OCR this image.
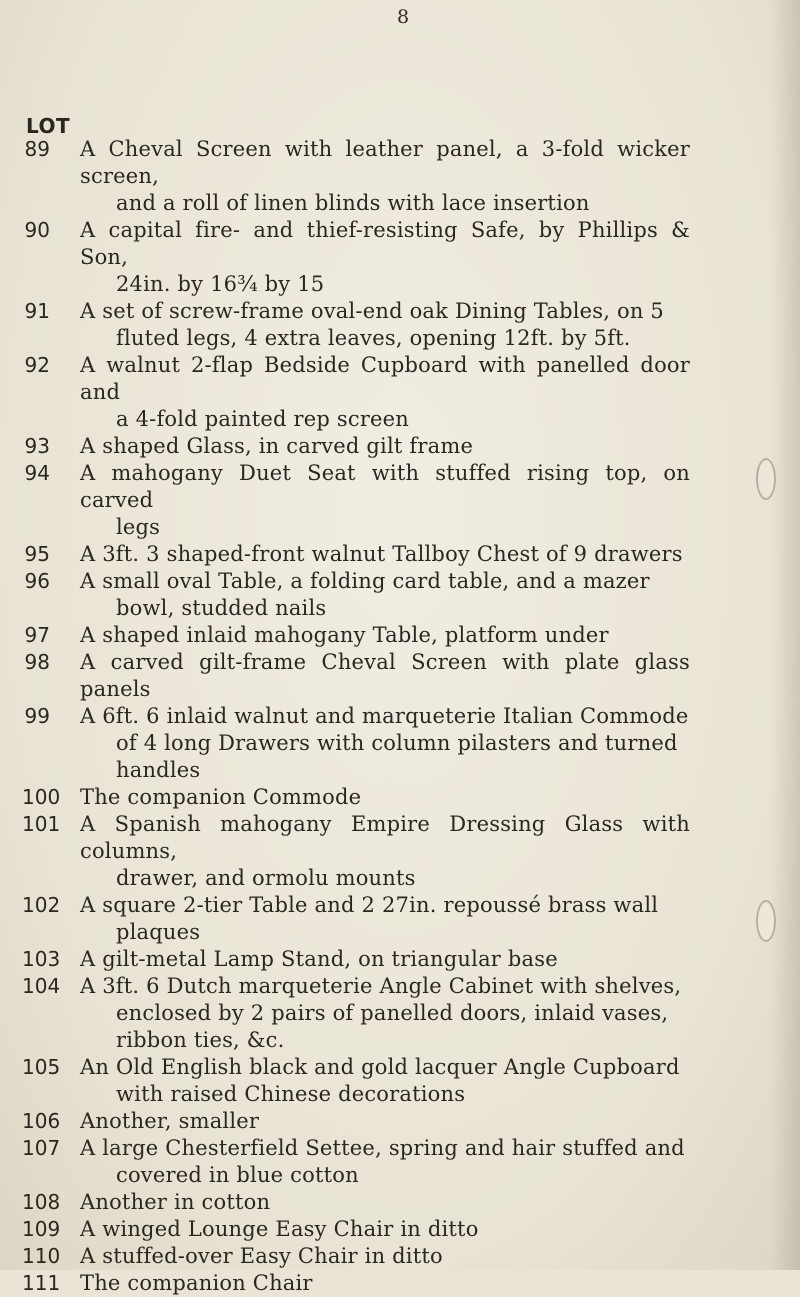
8
LOT
89	A Cheval Screen with leather panel, a 3-fold wicker screen,
and a roll of linen blinds with lace insertion
90	A capital fire- and thief-resisting Safe, by Phillips & Son,
24in. by 16¾ by 15
91	A set of screw-frame oval-end oak Dining Tables, on 5
fluted legs, 4 extra leaves, opening 12ft. by 5ft.
92	A walnut 2-flap Bedside Cupboard with panelled door and
a 4-fold painted rep screen
93	A shaped Glass, in carved gilt frame
94	A mahogany Duet Seat with stuffed rising top, on carved
legs
95	A 3ft. 3 shaped-front walnut Tallboy Chest of 9 drawers
96	A small oval Table, a folding card table, and a mazer
bowl, studded nails
97	A shaped inlaid mahogany Table, platform under
98	A carved gilt-frame Cheval Screen with plate glass panels
99	A 6ft. 6 inlaid walnut and marqueterie Italian Commode
of 4 long Drawers with column pilasters and turned
handles
100 The companion Commode
101 A Spanish mahogany Empire Dressing Glass with columns,
drawer, and ormolu mounts
102 A square 2-tier Table and 2 27in. repoussé brass wall
plaques
103 A gilt-metal Lamp Stand, on triangular base
104 A 3ft. 6 Dutch marqueterie Angle Cabinet with shelves,
enclosed by 2 pairs of panelled doors, inlaid vases,
ribbon ties, &c.
105 An Old English black and gold lacquer Angle Cupboard
with raised Chinese decorations
106 Another, smaller
107 A large Chesterfield Settee, spring and hair stuffed and
covered in blue cotton
108 Another in cotton
109 A winged Lounge Easy Chair in ditto
110 A stuffed-over Easy Chair in ditto
111 The companion Chair
